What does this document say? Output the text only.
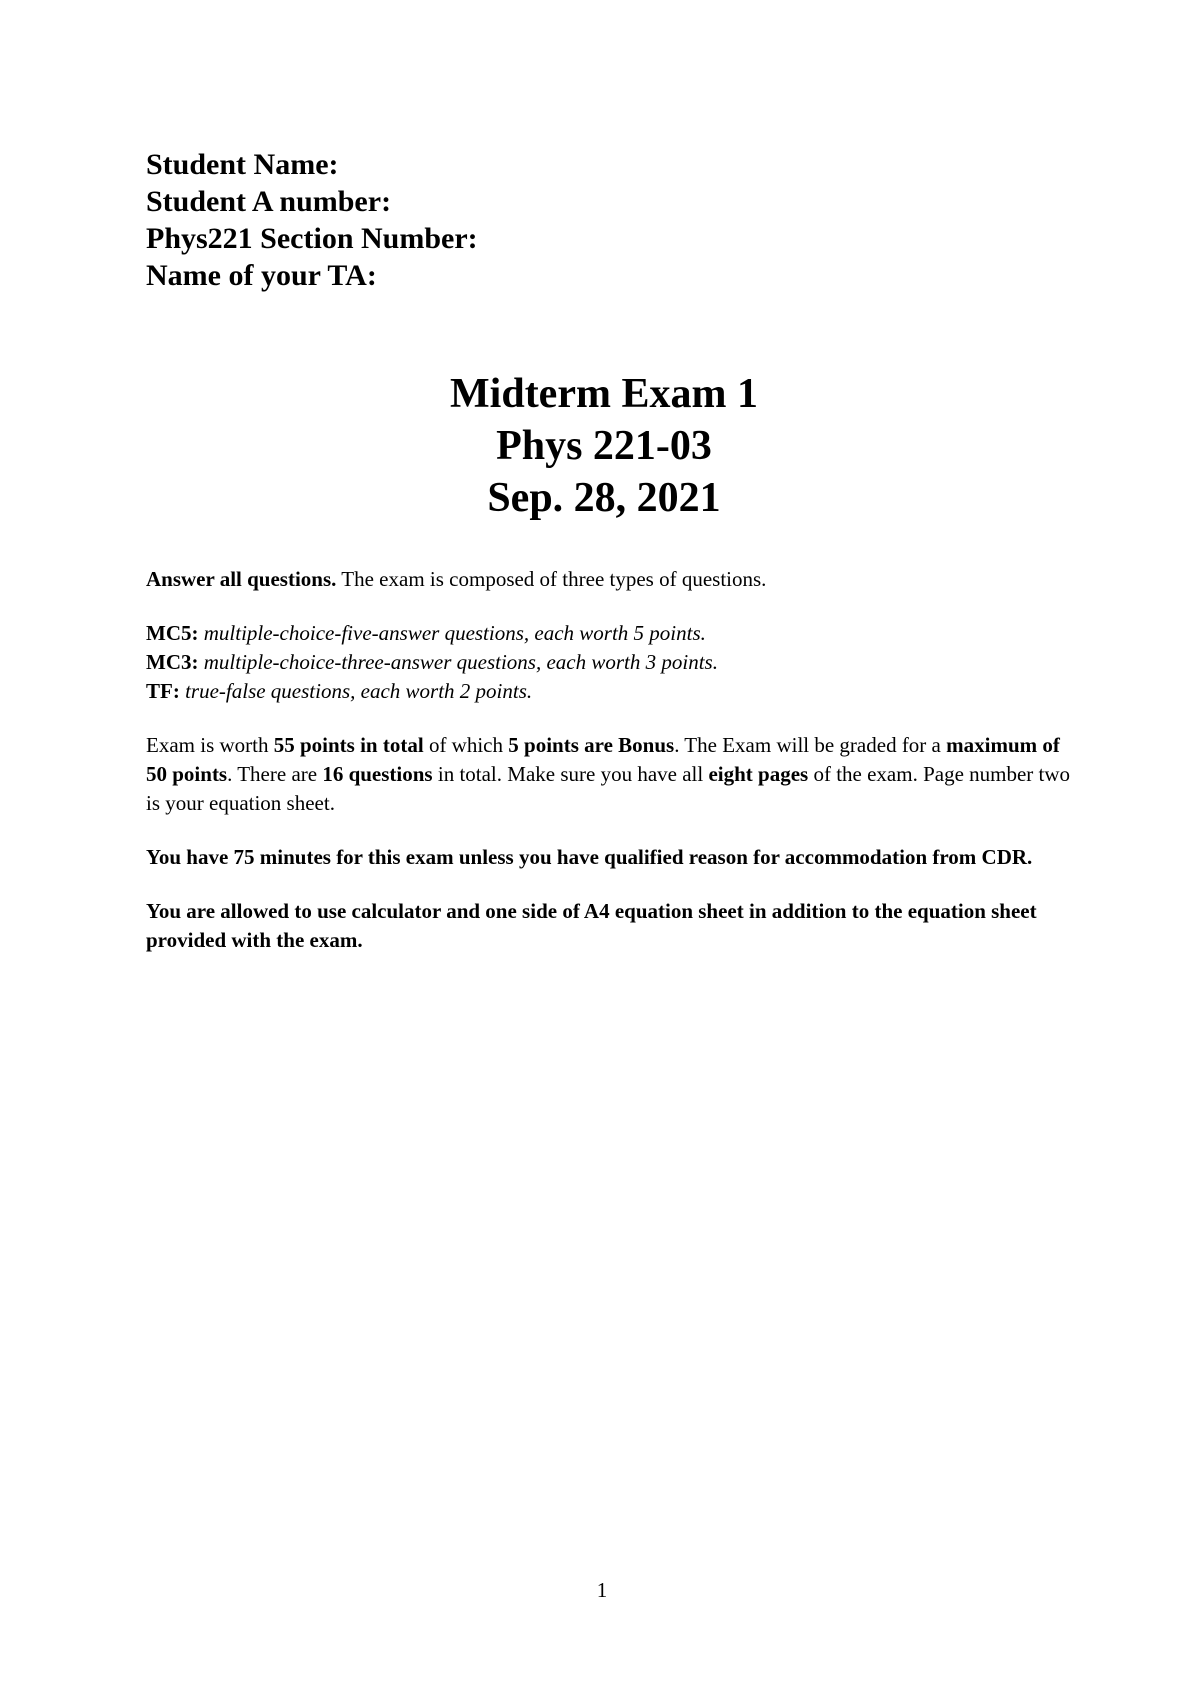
Student Name:
Student A number:
Phys221 Section Number:
Name of your TA:
Midterm Exam 1
Phys 221-03
Sep. 28, 2021

Answer all questions. The exam is composed of three types of questions.

MC5: multiple-choice-five-answer questions, each worth 5 points.

MC3: multiple-choice-three-answer questions, each worth 3 points.

TF: true-false questions, each worth 2 points.

Exam is worth 55 points in total of which 5 points are Bonus. The Exam will be graded for a maximum of 50 points. There are 16 questions in total. Make sure you have all eight pages of the exam. Page number two is your equation sheet.

You have 75 minutes for this exam unless you have qualified reason for accommodation from CDR.

You are allowed to use calculator and one side of A4 equation sheet in addition to the equation sheet provided with the exam.

1
